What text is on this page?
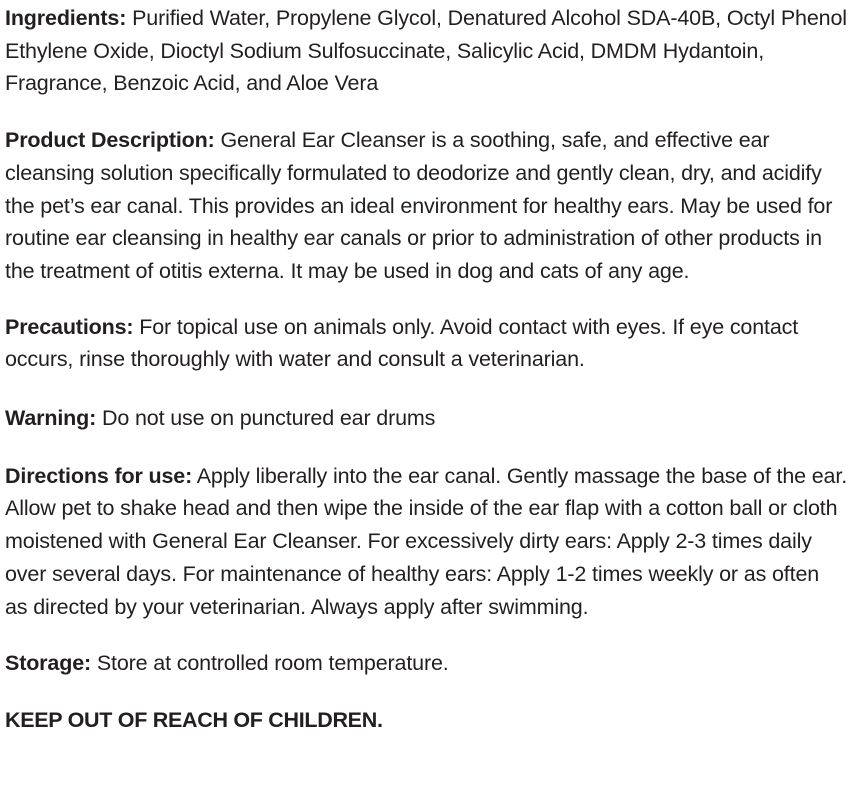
Ingredients: Purified Water, Propylene Glycol, Denatured Alcohol SDA-40B, Octyl Phenol Ethylene Oxide, Dioctyl Sodium Sulfosuccinate, Salicylic Acid, DMDM Hydantoin, Fragrance, Benzoic Acid, and Aloe Vera

Product Description: General Ear Cleanser is a soothing, safe, and effective ear cleansing solution specifically formulated to deodorize and gently clean, dry, and acidify the pet’s ear canal. This provides an ideal environment for healthy ears. May be used for routine ear cleansing in healthy ear canals or prior to administration of other products in the treatment of otitis externa. It may be used in dog and cats of any age.

Precautions: For topical use on animals only. Avoid contact with eyes. If eye contact occurs, rinse thoroughly with water and consult a veterinarian.

Warning: Do not use on punctured ear drums

Directions for use: Apply liberally into the ear canal. Gently massage the base of the ear. Allow pet to shake head and then wipe the inside of the ear flap with a cotton ball or cloth moistened with General Ear Cleanser. For excessively dirty ears: Apply 2-3 times daily over several days. For maintenance of healthy ears: Apply 1-2 times weekly or as often as directed by your veterinarian. Always apply after swimming.

Storage: Store at controlled room temperature.

KEEP OUT OF REACH OF CHILDREN.
